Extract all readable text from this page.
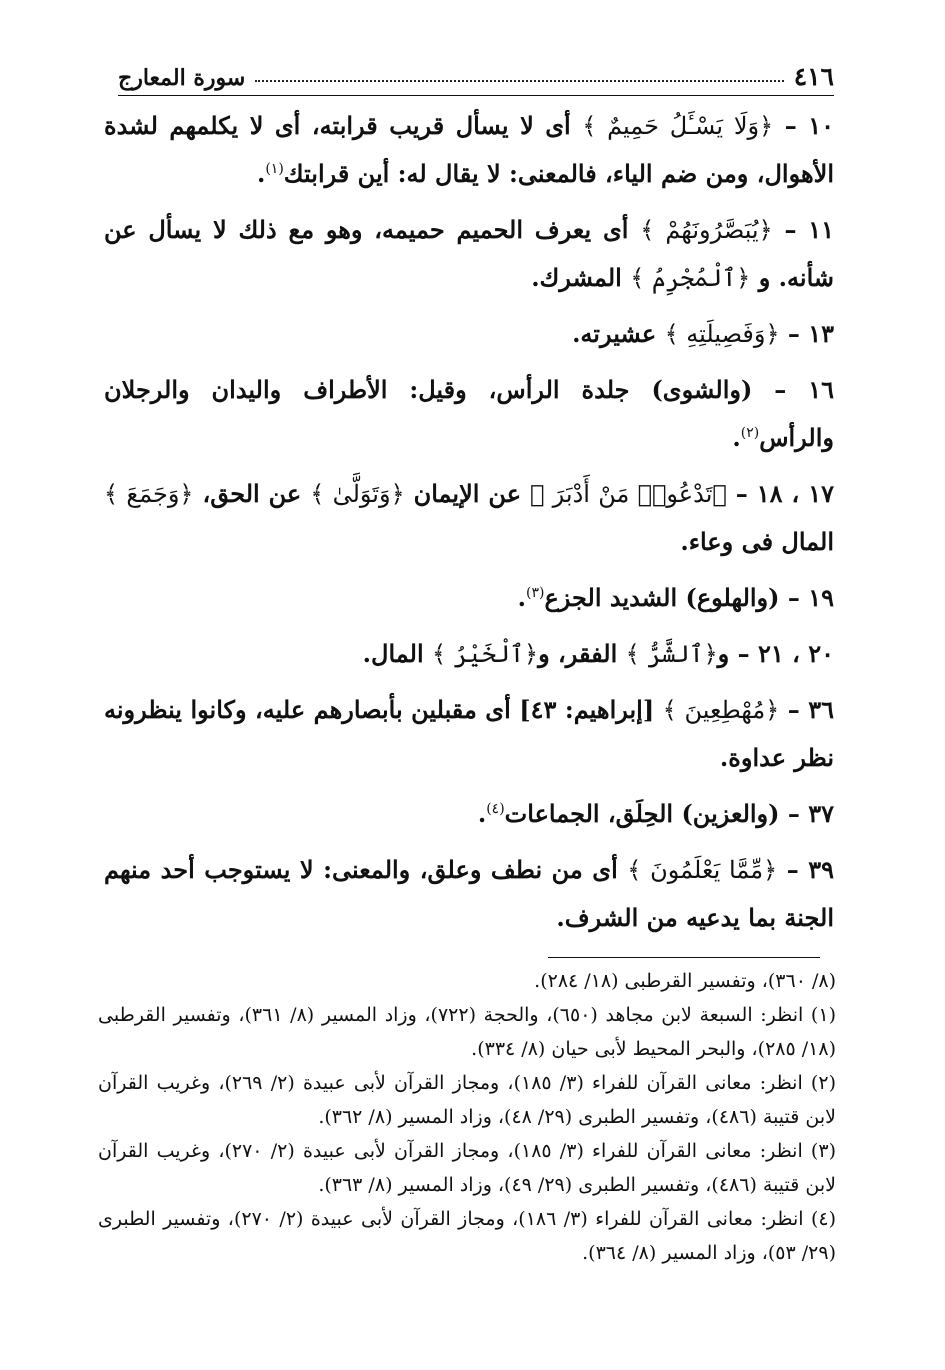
٤١٦
سورة المعارج

١٠ – ﴿ وَلَا يَسْـَٔلُ حَمِيمٌ ﴾ أى لا يسأل قريب قرابته، أى لا يكلمهم لشدة الأهوال، ومن ضم الياء، فالمعنى: لا يقال له: أين قرابتك$^{(١)}$.

١١ – ﴿ يُبَصَّرُونَهُمْ ﴾ أى يعرف الحميم حميمه، وهو مع ذلك لا يسأل عن شأنه. و ﴿ ٱلْمُجْرِمُ ﴾ المشرك.

١٣ – ﴿ وَفَصِيلَتِهِ ﴾ عشيرته.

١٦ – (والشوى) جلدة الرأس، وقيل: الأطراف واليدان والرجلان والرأس$^{(٢)}$.

١٧ ، ١٨ – ﴿ تَدْعُوا۟ مَنْ أَدْبَرَ ﴾ عن الإيمان ﴿ وَتَوَلَّىٰ ﴾ عن الحق، ﴿ وَجَمَعَ ﴾ المال فى وعاء.

١٩ – (والهلوع) الشديد الجزع$^{(٣)}$.

٢٠ ، ٢١ – و﴿ ٱلشَّرُّ ﴾ الفقر، و﴿ ٱلْخَيْرُ ﴾ المال.

٣٦ – ﴿ مُهْطِعِينَ ﴾ [إبراهيم: ٤٣] أى مقبلين بأبصارهم عليه، وكانوا ينظرونه نظر عداوة.

٣٧ – (والعزين) الحِلَق، الجماعات$^{(٤)}$.

٣٩ – ﴿ مِّمَّا يَعْلَمُونَ ﴾ أى من نطف وعلق، والمعنى: لا يستوجب أحد منهم الجنة بما يدعيه من الشرف.

(٨/ ٣٦٠)، وتفسير القرطبى (١٨/ ٢٨٤).

(١) انظر: السبعة لابن مجاهد (٦٥٠)، والحجة (٧٢٢)، وزاد المسير (٨/ ٣٦١)، وتفسير القرطبى (١٨/ ٢٨٥)، والبحر المحيط لأبى حيان (٨/ ٣٣٤).

(٢) انظر: معانى القرآن للفراء (٣/ ١٨٥)، ومجاز القرآن لأبى عبيدة (٢/ ٢٦٩)، وغريب القرآن لابن قتيبة (٤٨٦)، وتفسير الطبرى (٢٩/ ٤٨)، وزاد المسير (٨/ ٣٦٢).

(٣) انظر: معانى القرآن للفراء (٣/ ١٨٥)، ومجاز القرآن لأبى عبيدة (٢/ ٢٧٠)، وغريب القرآن لابن قتيبة (٤٨٦)، وتفسير الطبرى (٢٩/ ٤٩)، وزاد المسير (٨/ ٣٦٣).

(٤) انظر: معانى القرآن للفراء (٣/ ١٨٦)، ومجاز القرآن لأبى عبيدة (٢/ ٢٧٠)، وتفسير الطبرى (٢٩/ ٥٣)، وزاد المسير (٨/ ٣٦٤).
